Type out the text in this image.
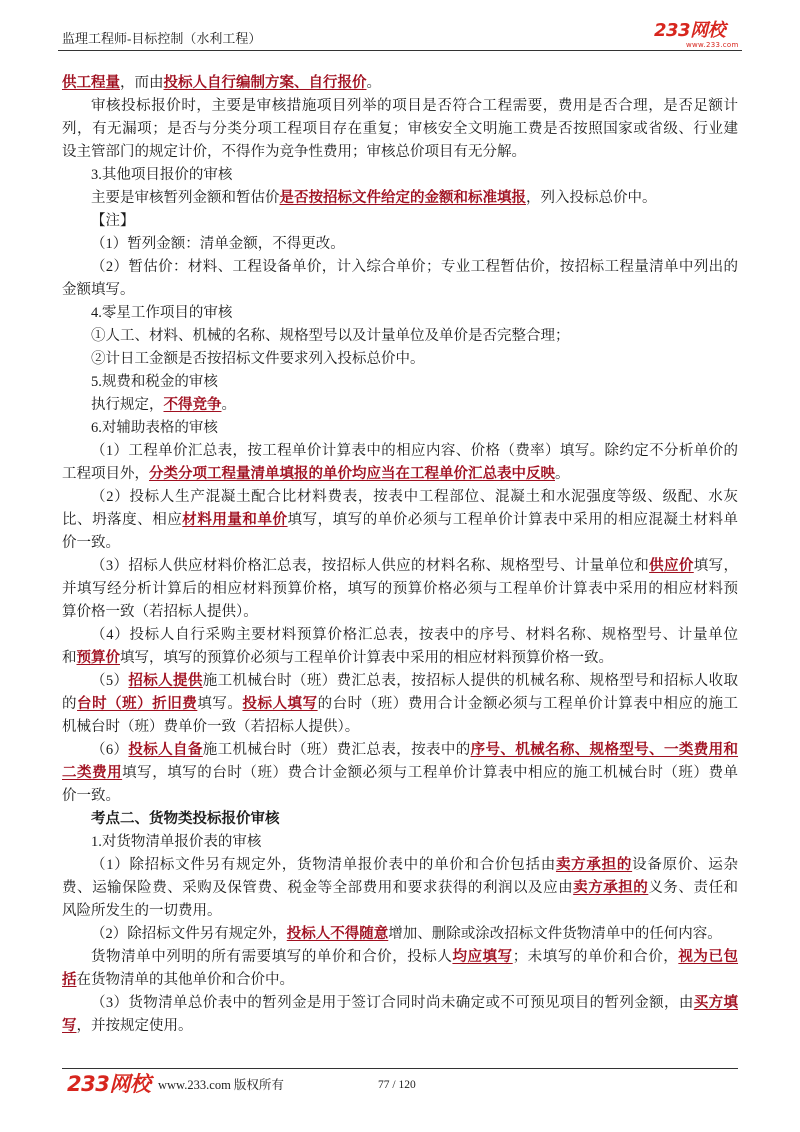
监理工程师-目标控制（水利工程）	233网校
www.233.com
供工程量，而由投标人自行编制方案、自行报价。
审核投标报价时，主要是审核措施项目列举的项目是否符合工程需要，费用是否合理，是否足额计
列，有无漏项；是否与分类分项工程项目存在重复；审核安全文明施工费是否按照国家或省级、行业建
设主管部门的规定计价，不得作为竞争性费用；审核总价项目有无分解。
3.其他项目报价的审核
主要是审核暂列金额和暂估价是否按招标文件给定的金额和标准填报，列入投标总价中。
【注】
（1）暂列金额：清单金额，不得更改。
（2）暂估价：材料、工程设备单价，计入综合单价；专业工程暂估价，按招标工程量清单中列出的
金额填写。
4.零星工作项目的审核
①人工、材料、机械的名称、规格型号以及计量单位及单价是否完整合理；
②计日工金额是否按招标文件要求列入投标总价中。
5.规费和税金的审核
执行规定，不得竞争。
6.对辅助表格的审核
（1）工程单价汇总表，按工程单价计算表中的相应内容、价格（费率）填写。除约定不分析单价的
工程项目外，分类分项工程量清单填报的单价均应当在工程单价汇总表中反映。
（2）投标人生产混凝土配合比材料费表，按表中工程部位、混凝土和水泥强度等级、级配、水灰
比、坍落度、相应材料用量和单价填写，填写的单价必须与工程单价计算表中采用的相应混凝土材料单
价一致。
（3）招标人供应材料价格汇总表，按招标人供应的材料名称、规格型号、计量单位和供应价填写，
并填写经分析计算后的相应材料预算价格，填写的预算价格必须与工程单价计算表中采用的相应材料预
算价格一致（若招标人提供）。
（4）投标人自行采购主要材料预算价格汇总表，按表中的序号、材料名称、规格型号、计量单位
和预算价填写，填写的预算价必须与工程单价计算表中采用的相应材料预算价格一致。
（5）招标人提供施工机械台时（班）费汇总表，按招标人提供的机械名称、规格型号和招标人收取
的台时（班）折旧费填写。投标人填写的台时（班）费用合计金额必须与工程单价计算表中相应的施工
机械台时（班）费单价一致（若招标人提供）。
（6）投标人自备施工机械台时（班）费汇总表，按表中的序号、机械名称、规格型号、一类费用和
二类费用填写，填写的台时（班）费合计金额必须与工程单价计算表中相应的施工机械台时（班）费单
价一致。
考点二、货物类投标报价审核
1.对货物清单报价表的审核
（1）除招标文件另有规定外，货物清单报价表中的单价和合价包括由卖方承担的设备原价、运杂
费、运输保险费、采购及保管费、税金等全部费用和要求获得的利润以及应由卖方承担的义务、责任和
风险所发生的一切费用。
（2）除招标文件另有规定外，投标人不得随意增加、删除或涂改招标文件货物清单中的任何内容。
货物清单中列明的所有需要填写的单价和合价，投标人均应填写；未填写的单价和合价，视为已包
括在货物清单的其他单价和合价中。
（3）货物清单总价表中的暂列金是用于签订合同时尚未确定或不可预见项目的暂列金额，由买方填
写，并按规定使用。
233网校 www.233.com 版权所有	77 / 120
